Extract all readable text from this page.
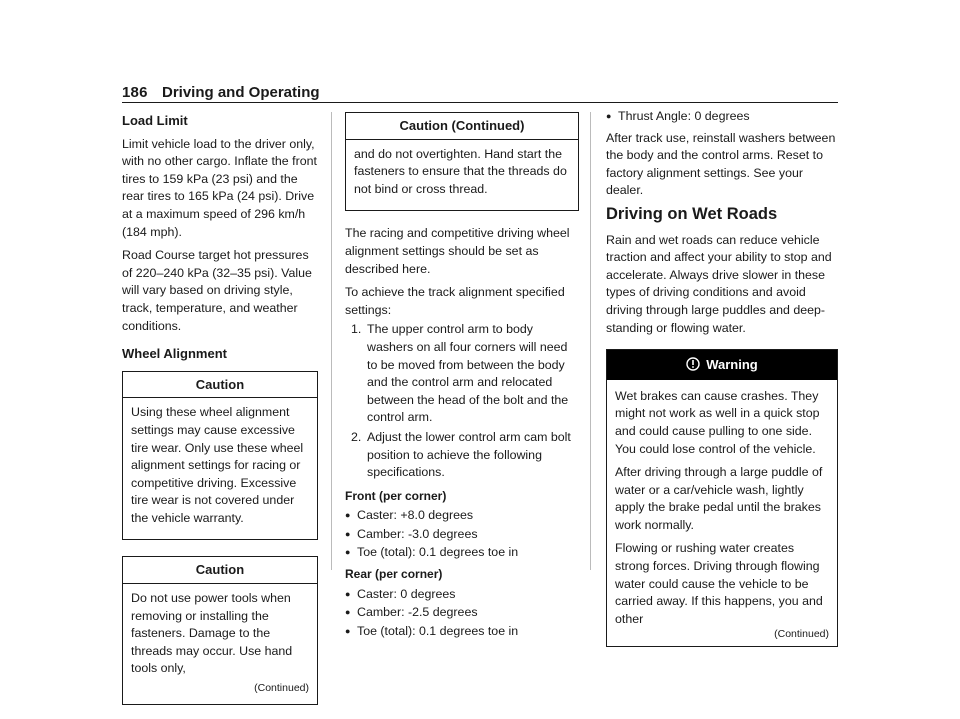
186 Driving and Operating
Load Limit

Limit vehicle load to the driver only, with no other cargo. Inflate the front tires to 159 kPa (23 psi) and the rear tires to 165 kPa (24 psi). Drive at a maximum speed of 296 km/h (184 mph).

Road Course target hot pressures of 220–240 kPa (32–35 psi). Value will vary based on driving style, track, temperature, and weather conditions.

Wheel Alignment
Caution

Using these wheel alignment settings may cause excessive tire wear. Only use these wheel alignment settings for racing or competitive driving. Excessive tire wear is not covered under the vehicle warranty.

Caution

Do not use power tools when removing or installing the fasteners. Damage to the threads may occur. Use hand tools only,

(Continued)
Caution (Continued)

and do not overtighten. Hand start the fasteners to ensure that the threads do not bind or cross thread.

The racing and competitive driving wheel alignment settings should be set as described here.

To achieve the track alignment specified settings:

1. The upper control arm to body washers on all four corners will need to be moved from between the body and the control arm and relocated between the head of the bolt and the control arm.
2. Adjust the lower control arm cam bolt position to achieve the following specifications.
Front (per corner)
● Caster: +8.0 degrees
● Camber: -3.0 degrees
● Toe (total): 0.1 degrees toe in
Rear (per corner)
● Caster: 0 degrees
● Camber: -2.5 degrees
● Toe (total): 0.1 degrees toe in
● Thrust Angle: 0 degrees

After track use, reinstall washers between the body and the control arms. Reset to factory alignment settings. See your dealer.

Driving on Wet Roads

Rain and wet roads can reduce vehicle traction and affect your ability to stop and accelerate. Always drive slower in these types of driving conditions and avoid driving through large puddles and deep-standing or flowing water.

Warning

Wet brakes can cause crashes. They might not work as well in a quick stop and could cause pulling to one side. You could lose control of the vehicle.

After driving through a large puddle of water or a car/vehicle wash, lightly apply the brake pedal until the brakes work normally.

Flowing or rushing water creates strong forces. Driving through flowing water could cause the vehicle to be carried away. If this happens, you and other

(Continued)
